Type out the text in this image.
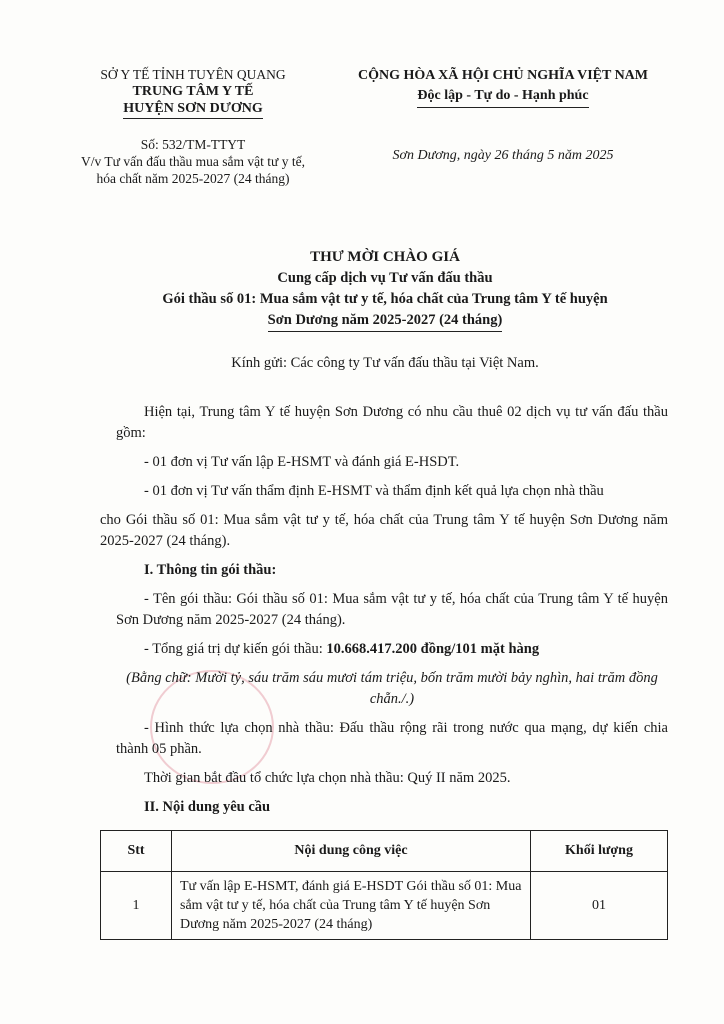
SỞ Y TẾ TỈNH TUYÊN QUANG
TRUNG TÂM Y TẾ
HUYỆN SƠN DƯƠNG
CỘNG HÒA XÃ HỘI CHỦ NGHĨA VIỆT NAM
Độc lập - Tự do - Hạnh phúc
Số: 532/TM-TTYT
V/v Tư vấn đấu thầu mua sắm vật tư y tế, hóa chất năm 2025-2027 (24 tháng)
Sơn Dương, ngày 26 tháng 5 năm 2025
THƯ MỜI CHÀO GIÁ
Cung cấp dịch vụ Tư vấn đấu thầu
Gói thầu số 01: Mua sắm vật tư y tế, hóa chất của Trung tâm Y tế huyện
Sơn Dương năm 2025-2027 (24 tháng)
Kính gửi: Các công ty Tư vấn đấu thầu tại Việt Nam.

Hiện tại, Trung tâm Y tế huyện Sơn Dương có nhu cầu thuê 02 dịch vụ tư vấn đấu thầu gồm:

- 01 đơn vị Tư vấn lập E-HSMT và đánh giá E-HSDT.

- 01 đơn vị Tư vấn thẩm định E-HSMT và thẩm định kết quả lựa chọn nhà thầu

cho Gói thầu số 01: Mua sắm vật tư y tế, hóa chất của Trung tâm Y tế huyện Sơn Dương năm 2025-2027 (24 tháng).

I. Thông tin gói thầu:

- Tên gói thầu: Gói thầu số 01: Mua sắm vật tư y tế, hóa chất của Trung tâm Y tế huyện Sơn Dương năm 2025-2027 (24 tháng).

- Tổng giá trị dự kiến gói thầu: 10.668.417.200 đồng/101 mặt hàng

(Bằng chữ: Mười tỷ, sáu trăm sáu mươi tám triệu, bốn trăm mười bảy nghìn, hai trăm đồng chẵn./.)

- Hình thức lựa chọn nhà thầu: Đấu thầu rộng rãi trong nước qua mạng, dự kiến chia thành 05 phần.

Thời gian bắt đầu tổ chức lựa chọn nhà thầu: Quý II năm 2025.

II. Nội dung yêu cầu

Stt	Nội dung công việc	Khối lượng
1	Tư vấn lập E-HSMT, đánh giá E-HSDT Gói thầu số 01: Mua sắm vật tư y tế, hóa chất của Trung tâm Y tế huyện Sơn Dương năm 2025-2027 (24 tháng)	01
